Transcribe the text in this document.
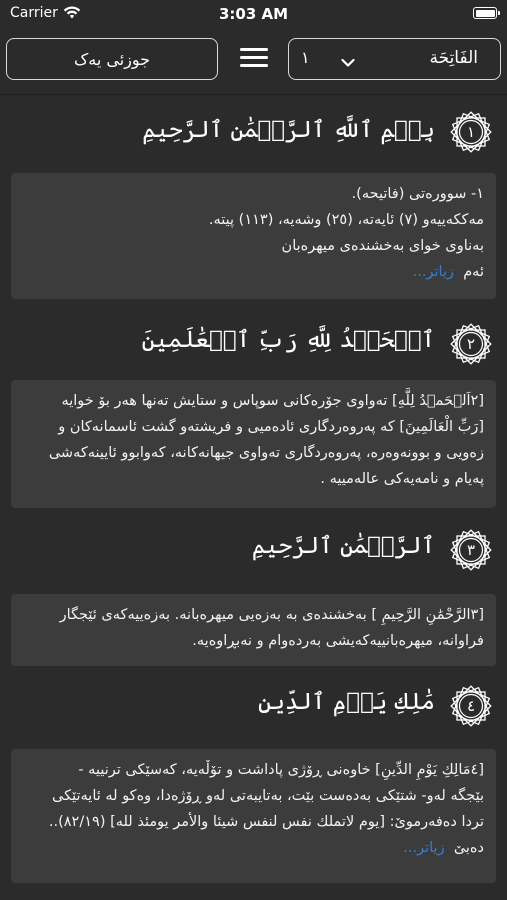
Carrier	3:03 AM
جوزئی یەک	الفَاتِحَة
١
١
بِسۡمِ ٱللَّهِ ٱلرَّحۡمَٰنِ ٱلرَّحِيمِ

١- سوورەتی (فاتیحە).

مەککەییەو (٧) ئایەتە، (٢٥) وشەیە، (١١٣) پیتە.

بەناوی خوای بەخشندەی میهرەبان

ئەم  زیاتر...

٢
ٱلۡحَمۡدُ لِلَّهِ رَبِّ ٱلۡعَٰلَمِينَ

[٢اَلۡحَمۡدُ لِلَّهِ] تەواوی جۆرەکانی سوپاس و ستایش تەنها هەر بۆ خوایە

[رَبِّ الْعَالَمِينَ] کە پەروەردگاری ئادەمیی و فریشتەو گشت ئاسمانەکان و

زەویی و بوونەوەرە، پەروەردگاری تەواوی جیهانەکانە، کەوابوو ئایینەکەشی

پەیام و نامەیەکی عالەمییە .

٣
ٱلرَّحۡمَٰنِ ٱلرَّحِيمِ

[٣الرَّحْمَٰنِ الرَّحِيمِ ] بەخشندەی بە بەزەیی میهرەبانە. بەزەییەکەی ئێجگار

فراوانە، میهرەبانییەکەیشی بەردەوام و نەبڕاوەیە.

٤
مَٰلِكِ يَوۡمِ ٱلدِّينِ

[٤مَالِكِ يَوْمِ الدِّينِ] خاوەنی ڕۆژی پاداشت و تۆڵەیە، کەسێکی ترنییە -

بێجگە لەو- شتێکی بەدەست بێت، بەتایبەتی لەو ڕۆژەدا، وەکو لە ئایەتێکی

تردا دەفەرموێ: [يوم لاتملك نفس لنفس شيئا والأمر يومئذ لله] (٨٢/١٩)..

دەبێ  زیاتر...
